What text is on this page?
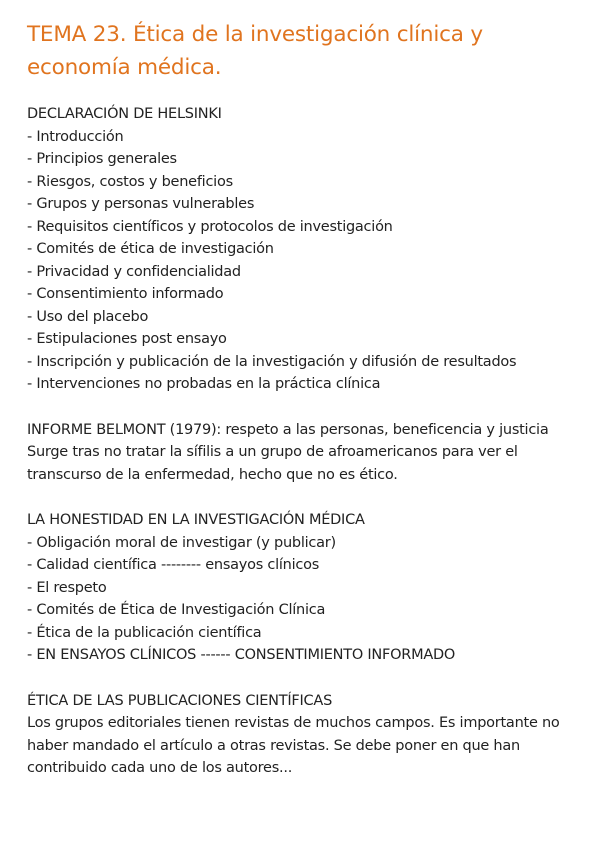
TEMA 23. Ética de la investigación clínica y economía médica.

DECLARACIÓN DE HELSINKI

- Introducción

- Principios generales

- Riesgos, costos y beneficios

- Grupos y personas vulnerables

- Requisitos científicos y protocolos de investigación

- Comités de ética de investigación

- Privacidad y confidencialidad

- Consentimiento informado

- Uso del placebo

- Estipulaciones post ensayo

- Inscripción y publicación de la investigación y difusión de resultados

- Intervenciones no probadas en la práctica clínica

INFORME BELMONT (1979): respeto a las personas, beneficencia y justicia

Surge tras no tratar la sífilis a un grupo de afroamericanos para ver el transcurso de la enfermedad, hecho que no es ético.

LA HONESTIDAD EN LA INVESTIGACIÓN MÉDICA

- Obligación moral de investigar (y publicar)

- Calidad científica -------- ensayos clínicos

- El respeto

- Comités de Ética de Investigación Clínica

- Ética de la publicación científica

- EN ENSAYOS CLÍNICOS ------ CONSENTIMIENTO INFORMADO

ÉTICA DE LAS PUBLICACIONES CIENTÍFICAS

Los grupos editoriales tienen revistas de muchos campos. Es importante no haber mandado el artículo a otras revistas. Se debe poner en que han contribuido cada uno de los autores...
